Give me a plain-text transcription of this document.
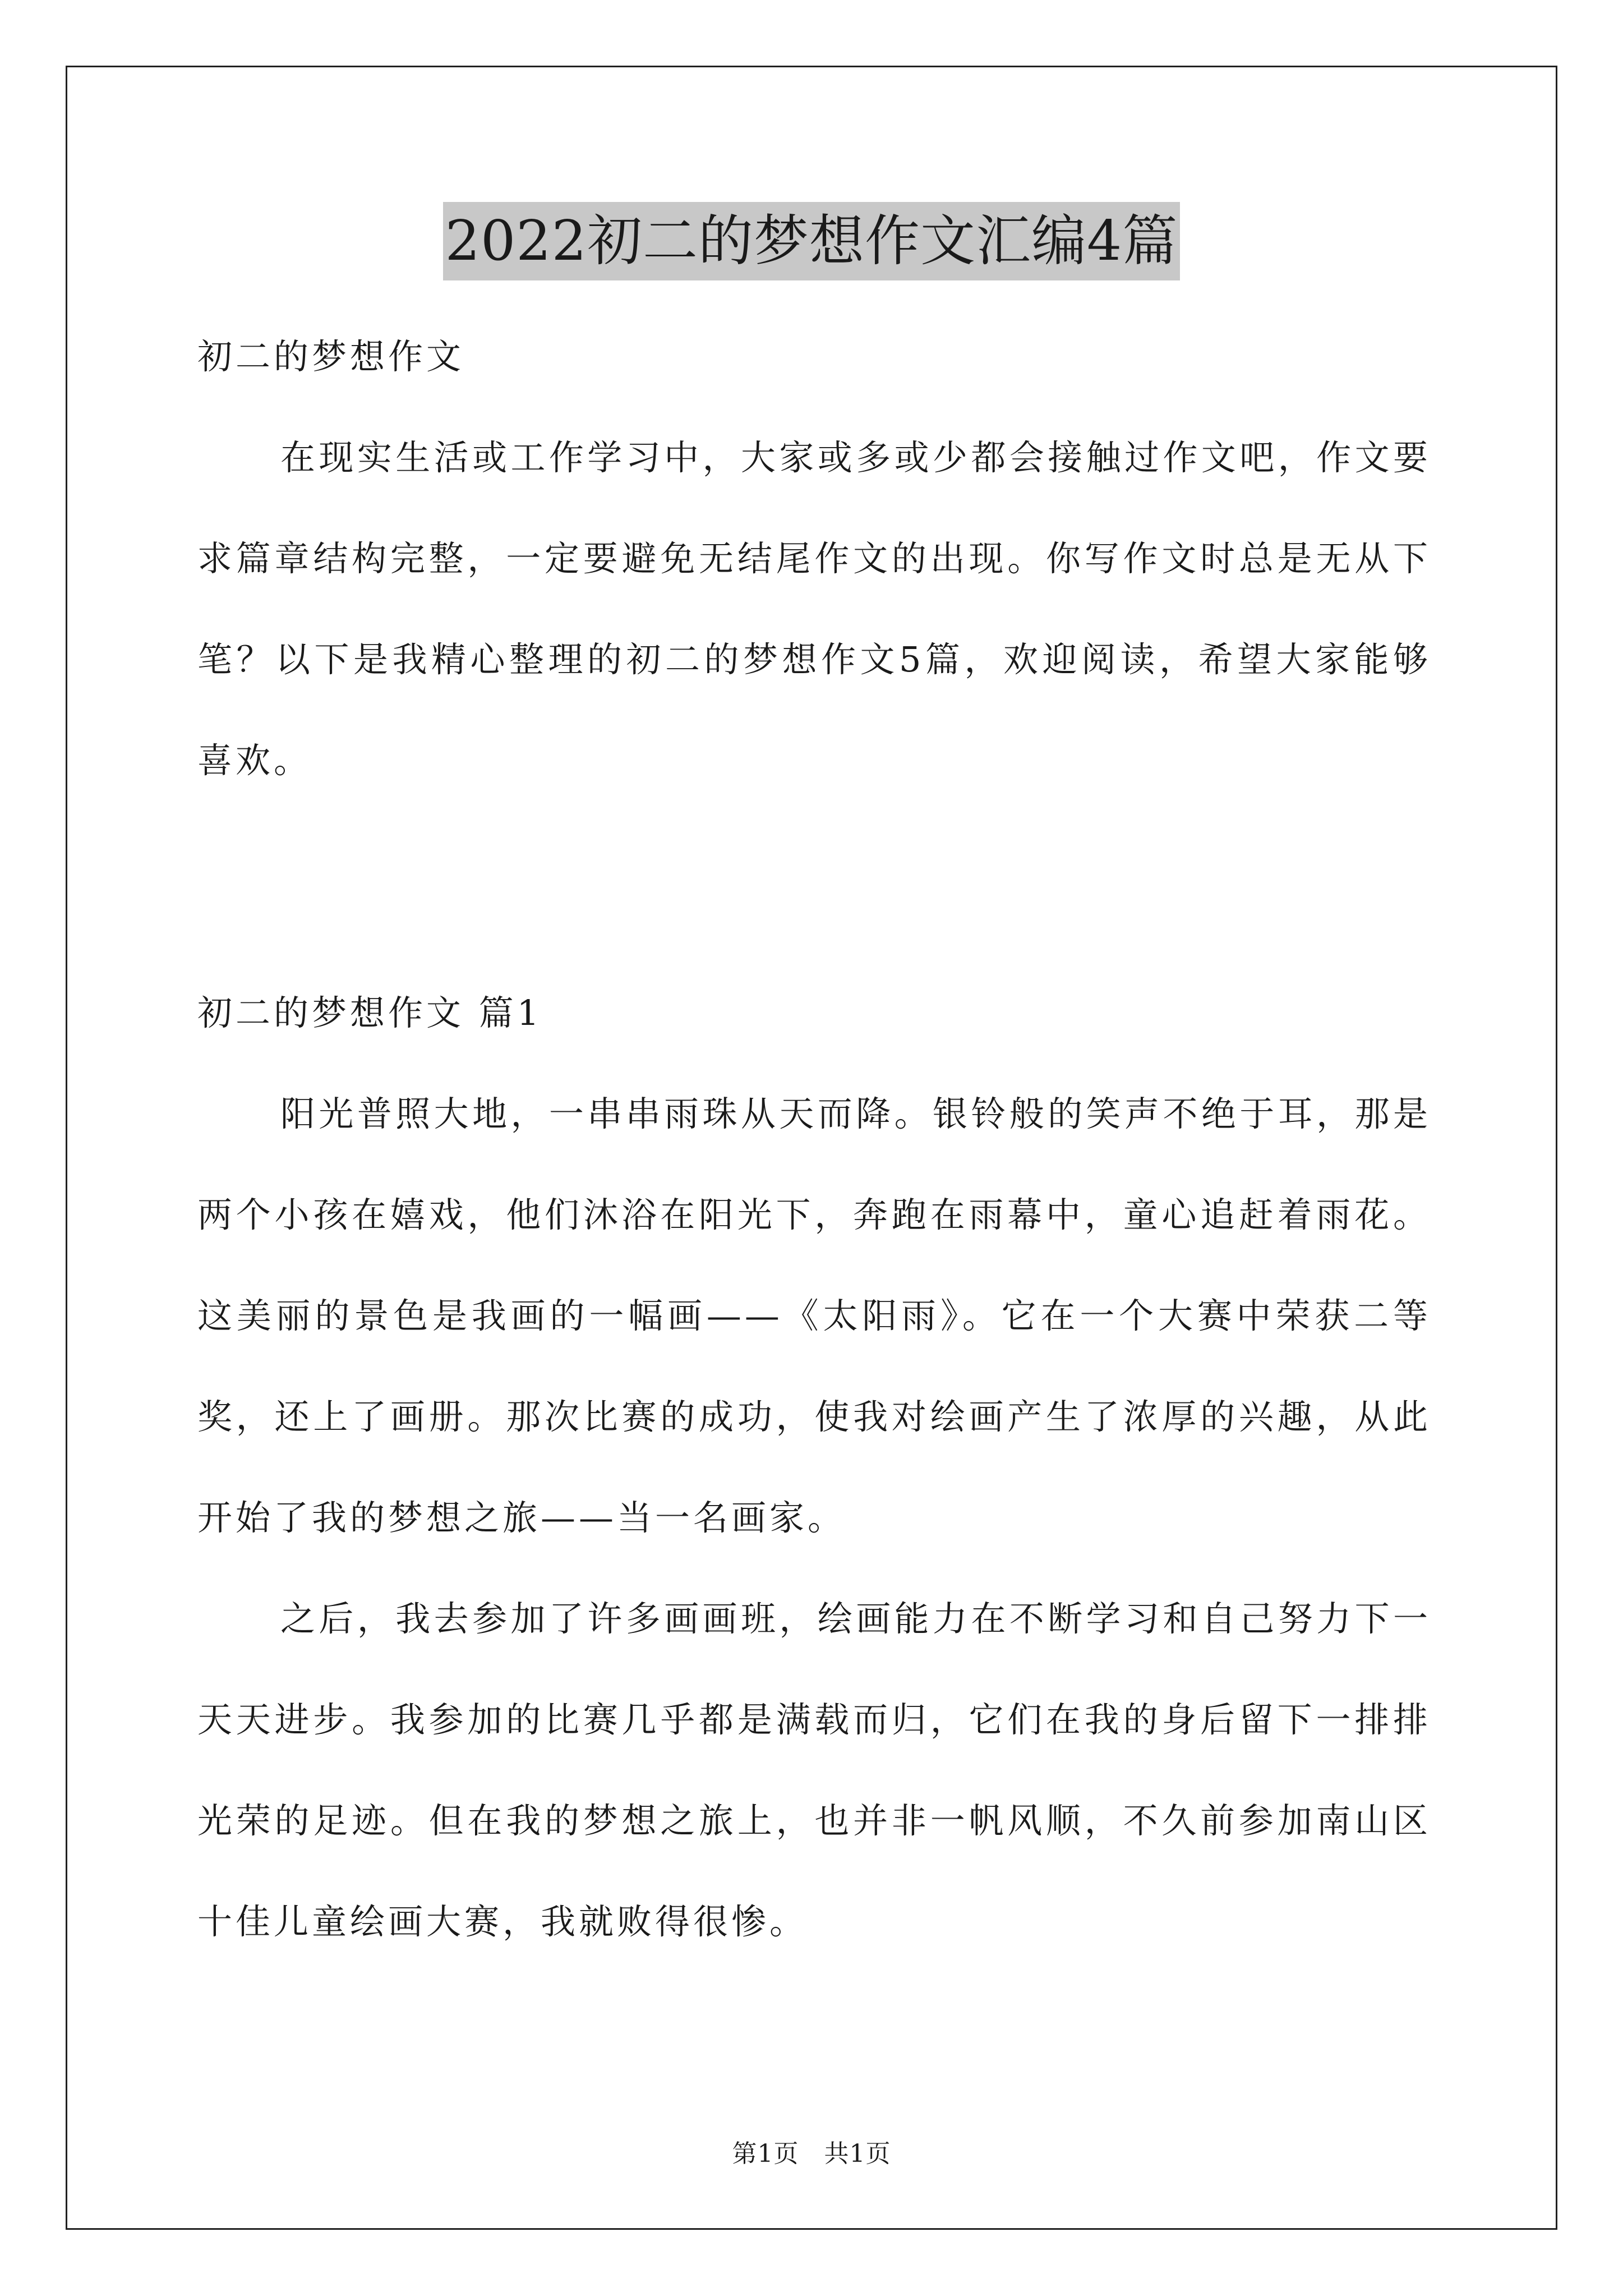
2022初二的梦想作文汇编4篇

初二的梦想作文

在现实生活或工作学习中，大家或多或少都会接触过作文吧，作文要求篇章结构完整，一定要避免无结尾作文的出现。你写作文时总是无从下笔？以下是我精心整理的初二的梦想作文5篇，欢迎阅读，希望大家能够喜欢。

初二的梦想作文 篇1

阳光普照大地，一串串雨珠从天而降。银铃般的笑声不绝于耳，那是两个小孩在嬉戏，他们沐浴在阳光下，奔跑在雨幕中，童心追赶着雨花。这美丽的景色是我画的一幅画——《太阳雨》。它在一个大赛中荣获二等奖，还上了画册。那次比赛的成功，使我对绘画产生了浓厚的兴趣，从此开始了我的梦想之旅——当一名画家。

之后，我去参加了许多画画班，绘画能力在不断学习和自己努力下一天天进步。我参加的比赛几乎都是满载而归，它们在我的身后留下一排排光荣的足迹。但在我的梦想之旅上，也并非一帆风顺，不久前参加南山区十佳儿童绘画大赛，我就败得很惨。

第1页　共1页
